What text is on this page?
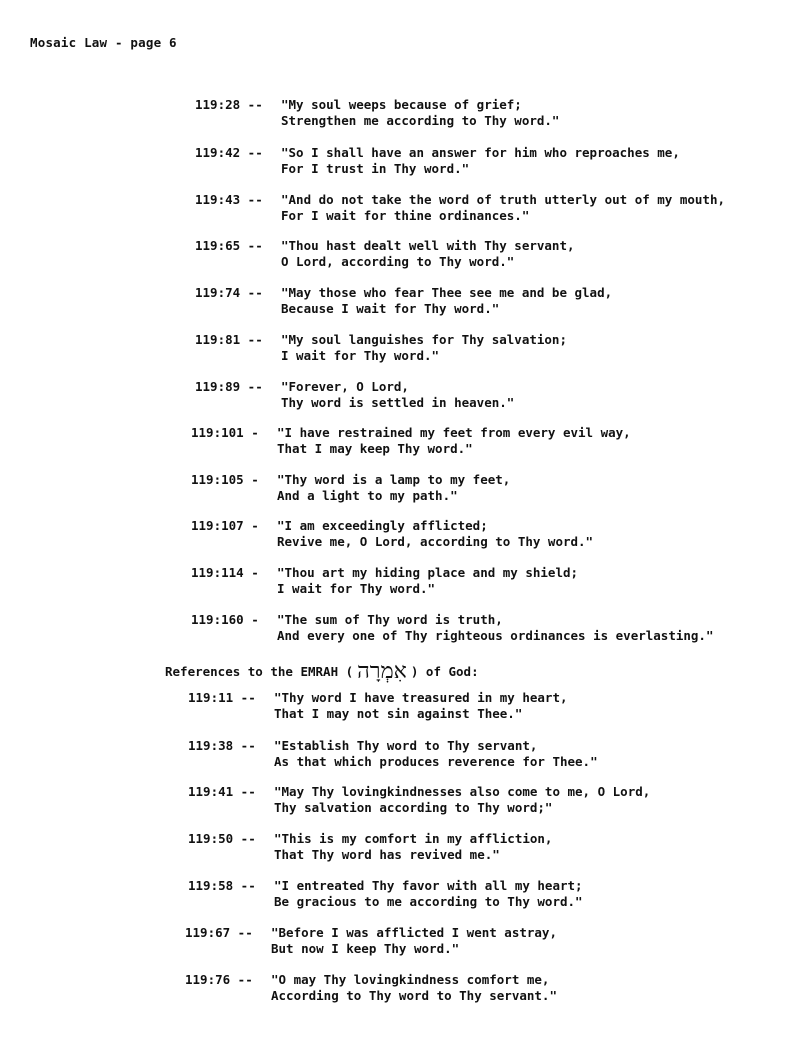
Mosaic Law - page 6
119:28 --	"My soul weeps because of grief;
Strengthen me according to Thy word."
119:42 --	"So I shall have an answer for him who reproaches me,
For I trust in Thy word."
119:43 --	"And do not take the word of truth utterly out of my mouth,
For I wait for thine ordinances."
119:65 --	"Thou hast dealt well with Thy servant,
O Lord, according to Thy word."
119:74 --	"May those who fear Thee see me and be glad,
Because I wait for Thy word."
119:81 --	"My soul languishes for Thy salvation;
I wait for Thy word."
119:89 --	"Forever, O Lord,
Thy word is settled in heaven."
119:101 -	"I have restrained my feet from every evil way,
That I may keep Thy word."
119:105 -	"Thy word is a lamp to my feet,
And a light to my path."
119:107 -	"I am exceedingly afflicted;
Revive me, O Lord, according to Thy word."
119:114 -	"Thou art my hiding place and my shield;
I wait for Thy word."
119:160 -	"The sum of Thy word is truth,
And every one of Thy righteous ordinances is everlasting."
References to the EMRAH ( אִמְרָה ) of God:
119:11 --	"Thy word I have treasured in my heart,
That I may not sin against Thee."
119:38 --	"Establish Thy word to Thy servant,
As that which produces reverence for Thee."
119:41 --	"May Thy lovingkindnesses also come to me, O Lord,
Thy salvation according to Thy word;"
119:50 --	"This is my comfort in my affliction,
That Thy word has revived me."
119:58 --	"I entreated Thy favor with all my heart;
Be gracious to me according to Thy word."
119:67 --	"Before I was afflicted I went astray,
But now I keep Thy word."
119:76 --	"O may Thy lovingkindness comfort me,
According to Thy word to Thy servant."
